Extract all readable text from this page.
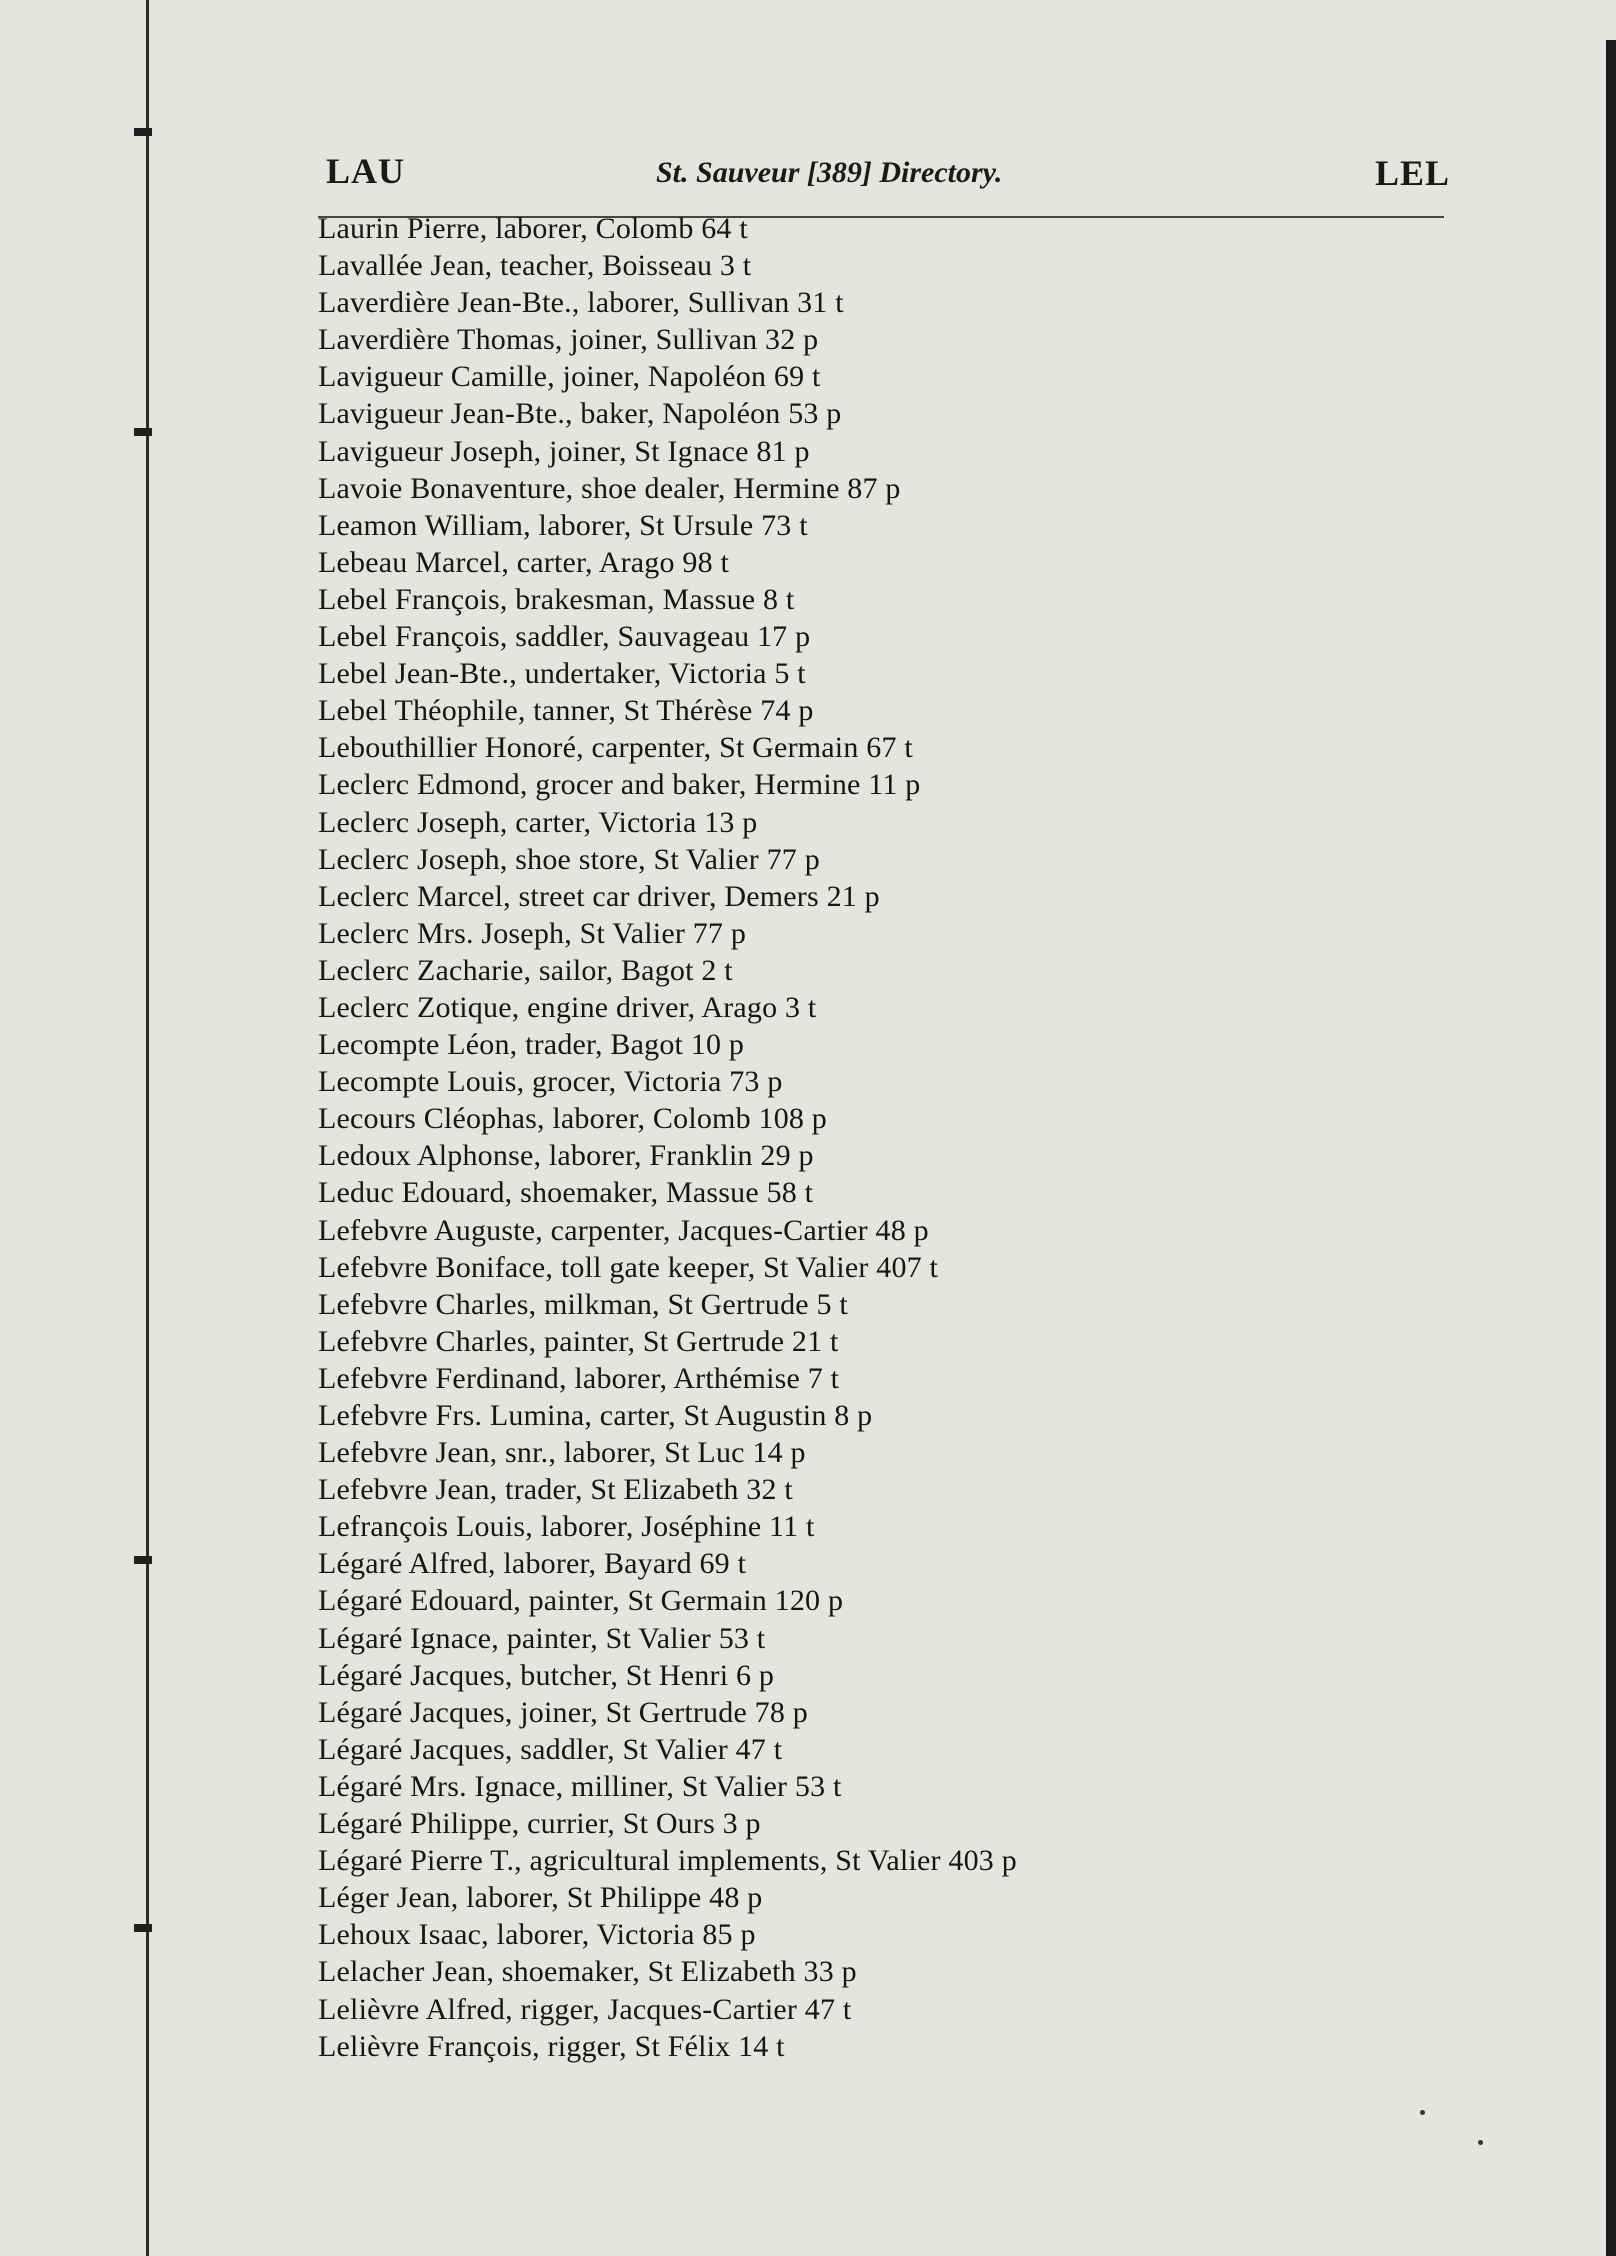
LAU	St. Sauveur [389] Directory.	LEL
Laurin Pierre, laborer, Colomb 64 t
Lavallée Jean, teacher, Boisseau 3 t
Laverdière Jean-Bte., laborer, Sullivan 31 t
Laverdière Thomas, joiner, Sullivan 32 p
Lavigueur Camille, joiner, Napoléon 69 t
Lavigueur Jean-Bte., baker, Napoléon 53 p
Lavigueur Joseph, joiner, St Ignace 81 p
Lavoie Bonaventure, shoe dealer, Hermine 87 p
Leamon William, laborer, St Ursule 73 t
Lebeau Marcel, carter, Arago 98 t
Lebel François, brakesman, Massue 8 t
Lebel François, saddler, Sauvageau 17 p
Lebel Jean-Bte., undertaker, Victoria 5 t
Lebel Théophile, tanner, St Thérèse 74 p
Lebouthillier Honoré, carpenter, St Germain 67 t
Leclerc Edmond, grocer and baker, Hermine 11 p
Leclerc Joseph, carter, Victoria 13 p
Leclerc Joseph, shoe store, St Valier 77 p
Leclerc Marcel, street car driver, Demers 21 p
Leclerc Mrs. Joseph, St Valier 77 p
Leclerc Zacharie, sailor, Bagot 2 t
Leclerc Zotique, engine driver, Arago 3 t
Lecompte Léon, trader, Bagot 10 p
Lecompte Louis, grocer, Victoria 73 p
Lecours Cléophas, laborer, Colomb 108 p
Ledoux Alphonse, laborer, Franklin 29 p
Leduc Edouard, shoemaker, Massue 58 t
Lefebvre Auguste, carpenter, Jacques-Cartier 48 p
Lefebvre Boniface, toll gate keeper, St Valier 407 t
Lefebvre Charles, milkman, St Gertrude 5 t
Lefebvre Charles, painter, St Gertrude 21 t
Lefebvre Ferdinand, laborer, Arthémise 7 t
Lefebvre Frs. Lumina, carter, St Augustin 8 p
Lefebvre Jean, snr., laborer, St Luc 14 p
Lefebvre Jean, trader, St Elizabeth 32 t
Lefrançois Louis, laborer, Joséphine 11 t
Légaré Alfred, laborer, Bayard 69 t
Légaré Edouard, painter, St Germain 120 p
Légaré Ignace, painter, St Valier 53 t
Légaré Jacques, butcher, St Henri 6 p
Légaré Jacques, joiner, St Gertrude 78 p
Légaré Jacques, saddler, St Valier 47 t
Légaré Mrs. Ignace, milliner, St Valier 53 t
Légaré Philippe, currier, St Ours 3 p
Légaré Pierre T., agricultural implements, St Valier 403 p
Léger Jean, laborer, St Philippe 48 p
Lehoux Isaac, laborer, Victoria 85 p
Lelacher Jean, shoemaker, St Elizabeth 33 p
Lelièvre Alfred, rigger, Jacques-Cartier 47 t
Lelièvre François, rigger, St Félix 14 t
